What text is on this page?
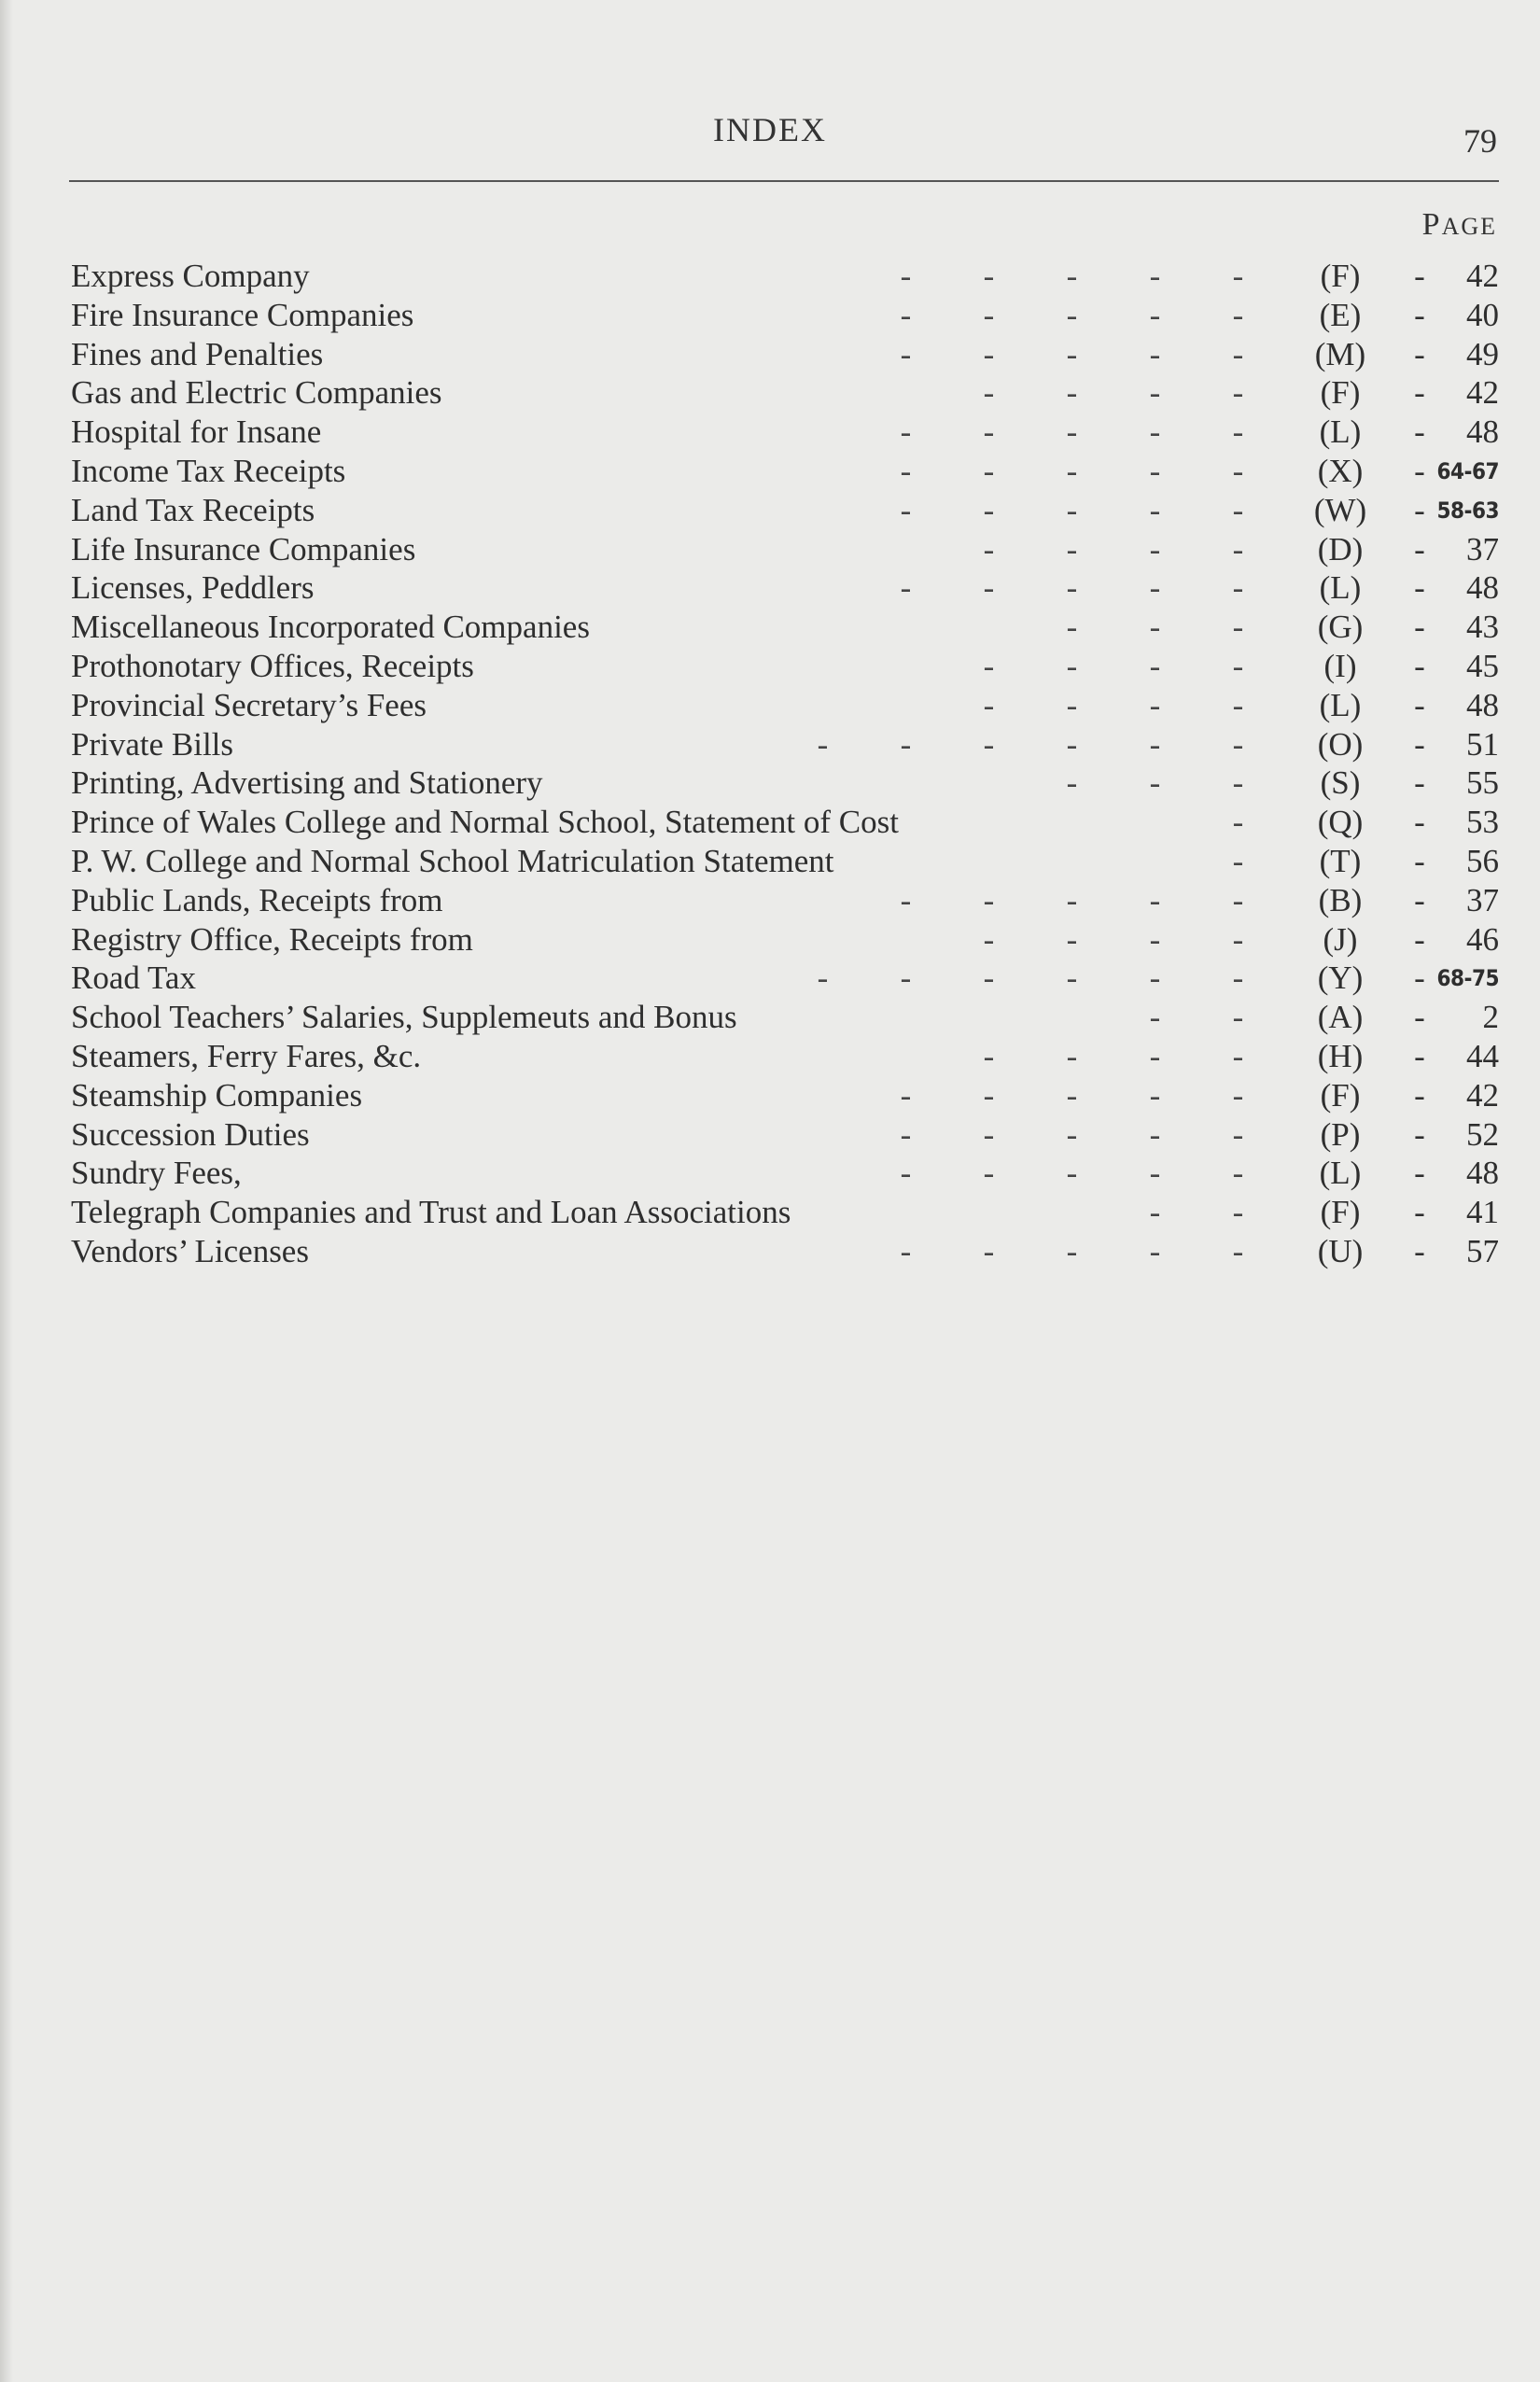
INDEX	79
PAGE
Express Company	- - - - -	(F)	-	42
Fire Insurance Companies	- - - - -	(E)	-	40
Fines and Penalties	- - - - -	(M)	-	49
Gas and Electric Companies	- - - -	(F)	-	42
Hospital for Insane	- - - - -	(L)	-	48
Income Tax Receipts	- - - - -	(X)	- 64-67
Land Tax Receipts	- - - - -	(W)	- 58-63
Life Insurance Companies	- - - -	(D)	-	37
Licenses, Peddlers	- - - - -	(L)	-	48
Miscellaneous Incorporated Companies	- - -	(G)	-	43
Prothonotary Offices, Receipts	- - - -	(I)	-	45
Provincial Secretary’s Fees	- - - -	(L)	-	48
Private Bills	- - - - - -	(O)	-	51
Printing, Advertising and Stationery	- - -	(S)	-	55
Prince of Wales College and Normal School, Statement of Cost	-	(Q)	-	53
P. W. College and Normal School Matriculation Statement	-	(T)	-	56
Public Lands, Receipts from	- - - - -	(B)	-	37
Registry Office, Receipts from	- - - -	(J)	-	46
Road Tax	- - - - - -	(Y)	- 68-75
School Teachers’ Salaries, Supplemeuts and Bonus	- -	(A)	-	2
Steamers, Ferry Fares, &c.	- - - -	(H)	-	44
Steamship Companies	- - - - -	(F)	-	42
Succession Duties	- - - - -	(P)	-	52
Sundry Fees,	- - - - -	(L)	-	48
Telegraph Companies and Trust and Loan Associations	- -	(F)	-	41
Vendors’ Licenses	- - - - -	(U)	-	57
